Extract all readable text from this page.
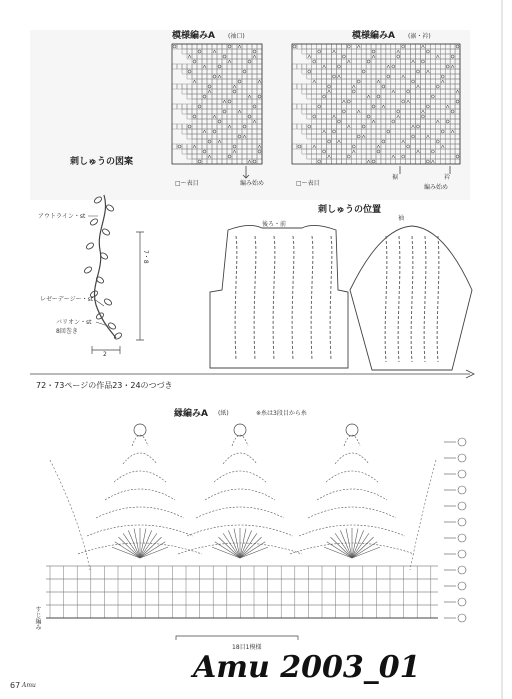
模様編みA (袖口)	模様編みA (裾・衿)
□ー表目	編み始め	□ー表目
裾	衿
編み始め
刺しゅうの図案
アウトライン・st
レゼーデージー・st
バリオン・st
8回巻き
7・8
2
刺しゅうの位置
後ろ・前
袖
72・73ページの作品23・24のつづき
縁編みA (紙)	※糸は3段目から糸
すじ編み
18目1模様
67 Amu
Amu 2003_01
